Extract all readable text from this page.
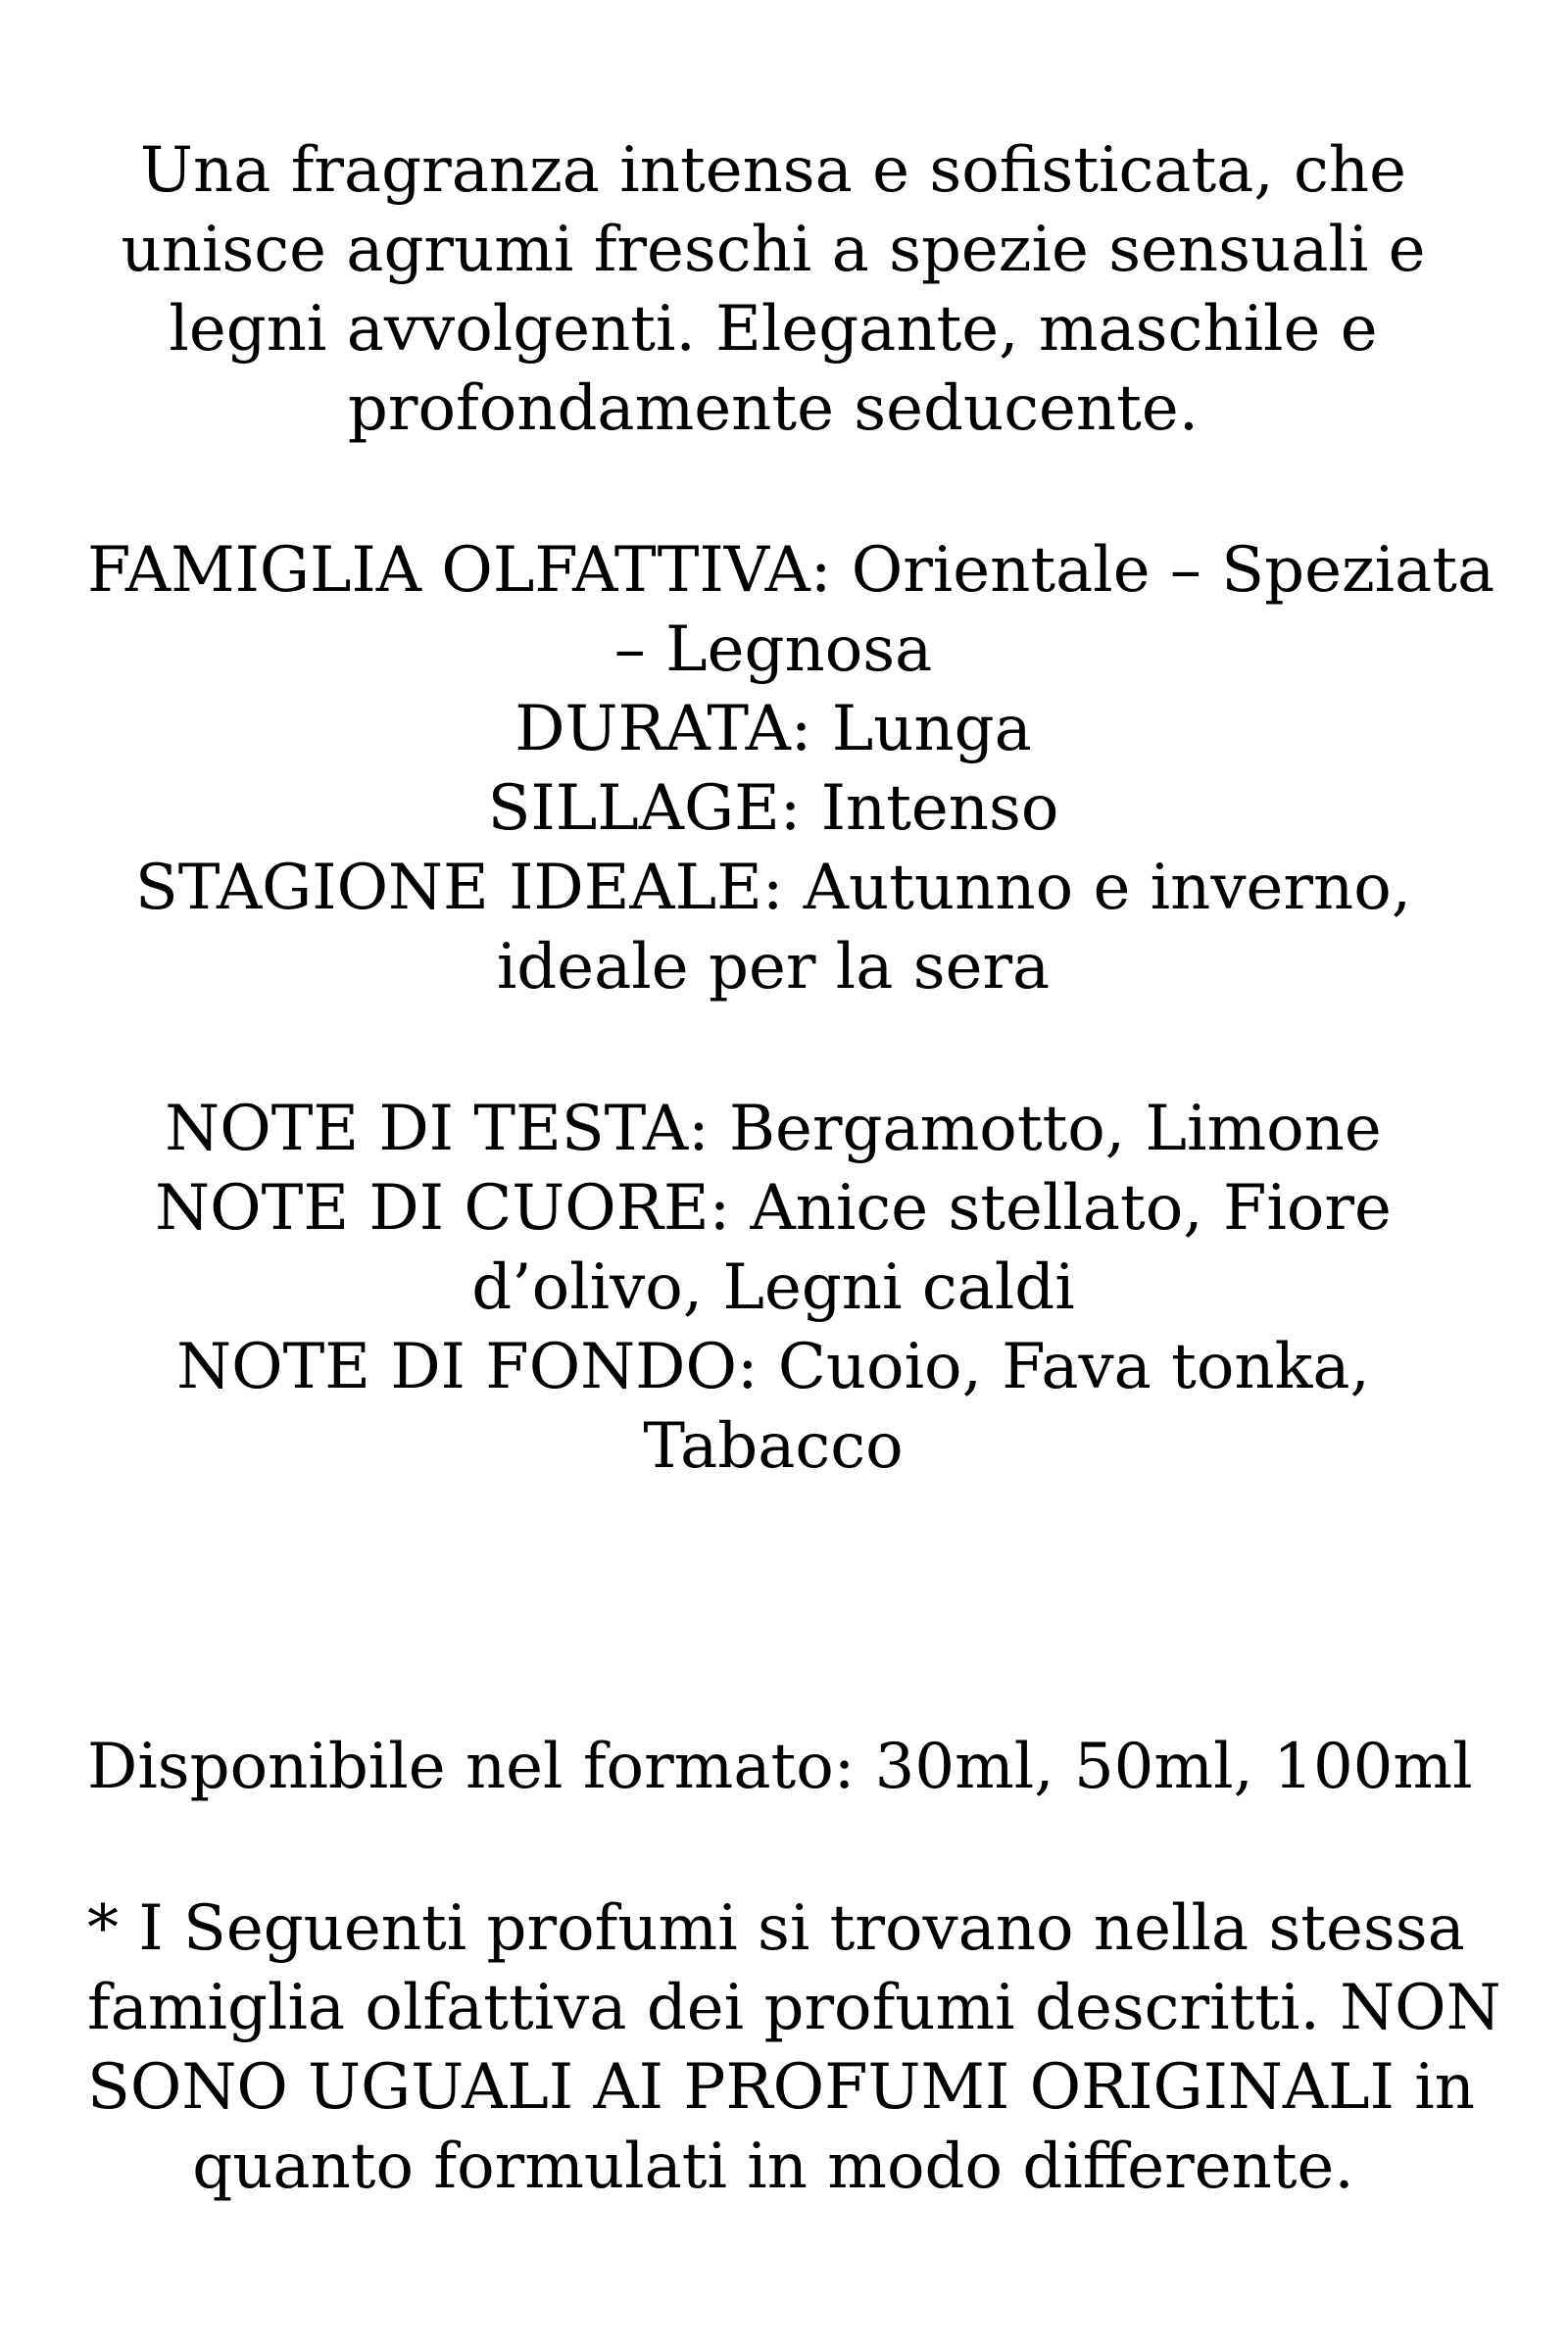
Una fragranza intensa e sofisticata, che
unisce agrumi freschi a spezie sensuali e
legni avvolgenti. Elegante, maschile e
profondamente seducente.
FAMIGLIA OLFATTIVA: Orientale – Speziata
– Legnosa
DURATA: Lunga
SILLAGE: Intenso
STAGIONE IDEALE: Autunno e inverno,
ideale per la sera
NOTE DI TESTA: Bergamotto, Limone
NOTE DI CUORE: Anice stellato, Fiore
d’olivo, Legni caldi
NOTE DI FONDO: Cuoio, Fava tonka,
Tabacco
Disponibile nel formato: 30ml, 50ml, 100ml
* I Seguenti profumi si trovano nella stessa
famiglia olfattiva dei profumi descritti. NON
SONO UGUALI AI PROFUMI ORIGINALI in
quanto formulati in modo differente.
